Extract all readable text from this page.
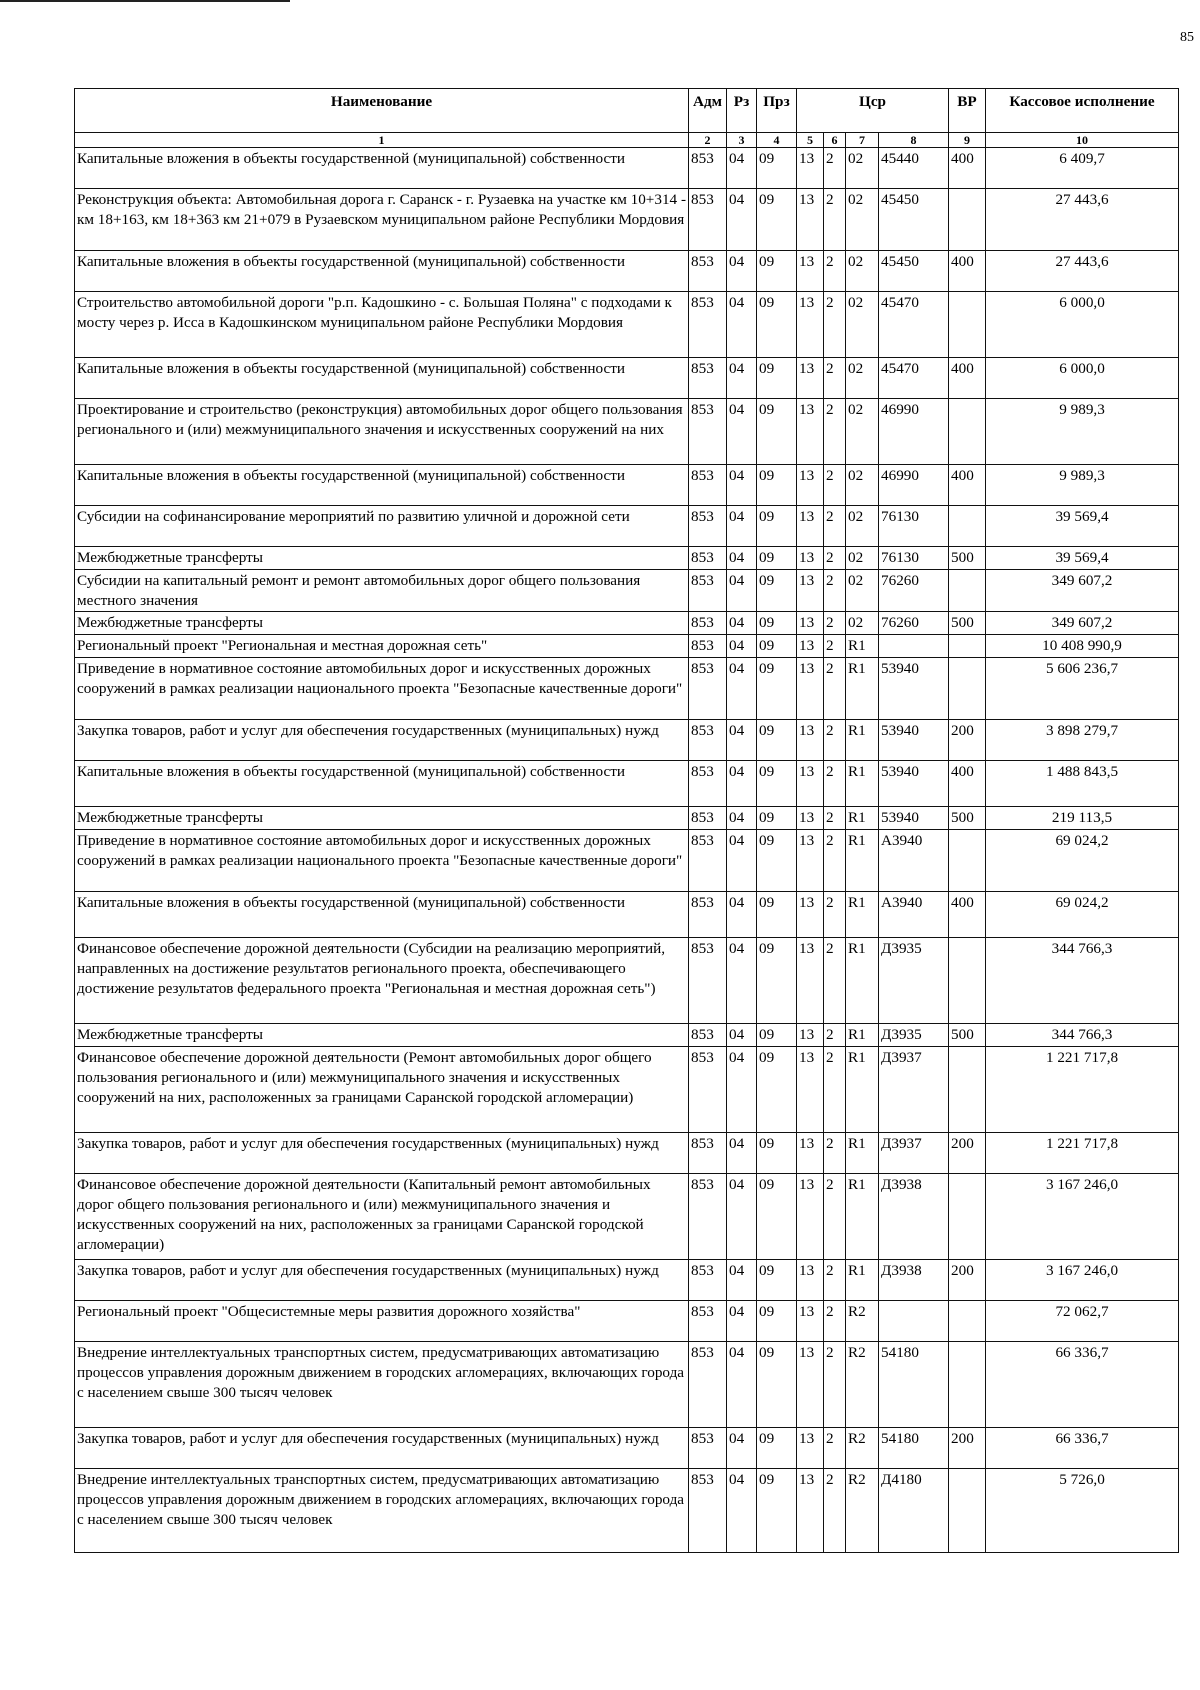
85
Наименование	Адм	Рз	Прз	Цср				ВР	Кассовое исполнение
1	2	3	4	5	6	7	8	9	10
Капитальные вложения в объекты государственной (муниципальной) собственности	853	04	09	13	2	02	45440	400	6 409,7
Реконструкция объекта: Автомобильная дорога г. Саранск - г. Рузаевка на участке км 10+314 - км 18+163, км 18+363 км 21+079 в Рузаевском муниципальном районе Республики Мордовия	853	04	09	13	2	02	45450		27 443,6
Капитальные вложения в объекты государственной (муниципальной) собственности	853	04	09	13	2	02	45450	400	27 443,6
Строительство автомобильной дороги "р.п. Кадошкино - с. Большая Поляна" с подходами к мосту через р. Исса в Кадошкинском муниципальном районе Республики Мордовия	853	04	09	13	2	02	45470		6 000,0
Капитальные вложения в объекты государственной (муниципальной) собственности	853	04	09	13	2	02	45470	400	6 000,0
Проектирование и строительство (реконструкция) автомобильных дорог общего пользования регионального и (или) межмуниципального значения и искусственных сооружений на них	853	04	09	13	2	02	46990		9 989,3
Капитальные вложения в объекты государственной (муниципальной) собственности	853	04	09	13	2	02	46990	400	9 989,3
Субсидии на софинансирование мероприятий по развитию уличной и дорожной сети	853	04	09	13	2	02	76130		39 569,4
Межбюджетные трансферты	853	04	09	13	2	02	76130	500	39 569,4
Субсидии на капитальный ремонт и ремонт автомобильных дорог общего пользования местного значения	853	04	09	13	2	02	76260		349 607,2
Межбюджетные трансферты	853	04	09	13	2	02	76260	500	349 607,2
Региональный проект "Региональная и местная дорожная сеть"	853	04	09	13	2	R1			10 408 990,9
Приведение в нормативное состояние автомобильных дорог и искусственных дорожных сооружений в рамках реализации национального проекта "Безопасные качественные дороги"	853	04	09	13	2	R1	53940		5 606 236,7
Закупка товаров, работ и услуг для обеспечения государственных (муниципальных) нужд	853	04	09	13	2	R1	53940	200	3 898 279,7
Капитальные вложения в объекты государственной (муниципальной) собственности	853	04	09	13	2	R1	53940	400	1 488 843,5
Межбюджетные трансферты	853	04	09	13	2	R1	53940	500	219 113,5
Приведение в нормативное состояние автомобильных дорог и искусственных дорожных сооружений в рамках реализации национального проекта "Безопасные качественные дороги"	853	04	09	13	2	R1	А3940		69 024,2
Капитальные вложения в объекты государственной (муниципальной) собственности	853	04	09	13	2	R1	А3940	400	69 024,2
Финансовое обеспечение дорожной деятельности (Субсидии на реализацию мероприятий, направленных на достижение результатов регионального проекта, обеспечивающего достижение результатов федерального проекта "Региональная и местная дорожная сеть")	853	04	09	13	2	R1	Д3935		344 766,3
Межбюджетные трансферты	853	04	09	13	2	R1	Д3935	500	344 766,3
Финансовое обеспечение дорожной деятельности (Ремонт автомобильных дорог общего пользования регионального и (или) межмуниципального значения и искусственных сооружений на них, расположенных за границами Саранской городской агломерации)	853	04	09	13	2	R1	Д3937		1 221 717,8
Закупка товаров, работ и услуг для обеспечения государственных (муниципальных) нужд	853	04	09	13	2	R1	Д3937	200	1 221 717,8
Финансовое обеспечение дорожной деятельности (Капитальный ремонт автомобильных дорог общего пользования регионального и (или) межмуниципального значения и искусственных сооружений на них, расположенных за границами Саранской городской агломерации)	853	04	09	13	2	R1	Д3938		3 167 246,0
Закупка товаров, работ и услуг для обеспечения государственных (муниципальных) нужд	853	04	09	13	2	R1	Д3938	200	3 167 246,0
Региональный проект "Общесистемные меры развития дорожного хозяйства"	853	04	09	13	2	R2			72 062,7
Внедрение интеллектуальных транспортных систем, предусматривающих автоматизацию процессов управления дорожным движением в городских агломерациях, включающих города с населением свыше 300 тысяч человек	853	04	09	13	2	R2	54180		66 336,7
Закупка товаров, работ и услуг для обеспечения государственных (муниципальных) нужд	853	04	09	13	2	R2	54180	200	66 336,7
Внедрение интеллектуальных транспортных систем, предусматривающих автоматизацию процессов управления дорожным движением в городских агломерациях, включающих города с населением свыше 300 тысяч человек	853	04	09	13	2	R2	Д4180		5 726,0
